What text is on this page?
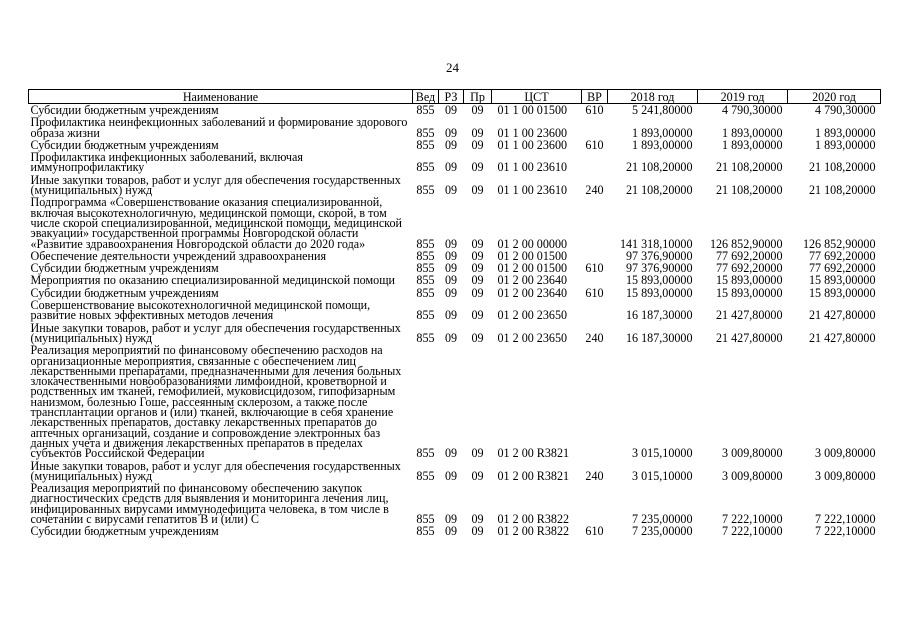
24
Наименование	Вед	РЗ	Пр	ЦСТ	ВР	2018 год	2019 год	2020 год
Субсидии бюджетным учреждениям	855	09	09	01 1 00 01500	610	5 241,80000	4 790,30000	4 790,30000
Профилактика неинфекционных заболеваний и формирование здорового образа жизни	855	09	09	01 1 00 23600		1 893,00000	1 893,00000	1 893,00000
Субсидии бюджетным учреждениям	855	09	09	01 1 00 23600	610	1 893,00000	1 893,00000	1 893,00000
Профилактика инфекционных заболеваний, включая иммунопрофилактику	855	09	09	01 1 00 23610		21 108,20000	21 108,20000	21 108,20000
Иные закупки товаров, работ и услуг для обеспечения государственных (муниципальных) нужд	855	09	09	01 1 00 23610	240	21 108,20000	21 108,20000	21 108,20000
Подпрограмма «Совершенствование оказания специализированной, включая высокотехнологичную, медицинской помощи, скорой, в том числе скорой специализированной, медицинской помощи, медицинской эвакуации» государственной программы Новгородской области «Развитие здравоохранения Новгородской области до 2020 года»	855	09	09	01 2 00 00000		141 318,10000	126 852,90000	126 852,90000
Обеспечение деятельности учреждений здравоохранения	855	09	09	01 2 00 01500		97 376,90000	77 692,20000	77 692,20000
Субсидии бюджетным учреждениям	855	09	09	01 2 00 01500	610	97 376,90000	77 692,20000	77 692,20000
Мероприятия по оказанию специализированной медицинской помощи	855	09	09	01 2 00 23640		15 893,00000	15 893,00000	15 893,00000
Субсидии бюджетным учреждениям	855	09	09	01 2 00 23640	610	15 893,00000	15 893,00000	15 893,00000
Совершенствование высокотехнологичной медицинской помощи, развитие новых эффективных методов лечения	855	09	09	01 2 00 23650		16 187,30000	21 427,80000	21 427,80000
Иные закупки товаров, работ и услуг для обеспечения государственных (муниципальных) нужд	855	09	09	01 2 00 23650	240	16 187,30000	21 427,80000	21 427,80000
Реализация мероприятий по финансовому обеспечению расходов на организационные мероприятия, связанные с обеспечением лиц лекарственными препаратами, предназначенными для лечения больных злокачественными новообразованиями лимфоидной, кроветворной и родственных им тканей, гемофилией, муковисцидозом, гипофизарным нанизмом, болезнью Гоше, рассеянным склерозом, а также после трансплантации органов и (или) тканей, включающие в себя хранение лекарственных препаратов, доставку лекарственных препаратов до аптечных организаций, создание и сопровождение электронных баз данных учета и движения лекарственных препаратов в пределах субъектов Российской Федерации	855	09	09	01 2 00 R3821		3 015,10000	3 009,80000	3 009,80000
Иные закупки товаров, работ и услуг для обеспечения государственных (муниципальных) нужд	855	09	09	01 2 00 R3821	240	3 015,10000	3 009,80000	3 009,80000
Реализация мероприятий по финансовому обеспечению закупок диагностических средств для выявления и мониторинга лечения лиц, инфицированных вирусами иммунодефицита человека, в том числе в сочетании с вирусами гепатитов В и (или) С	855	09	09	01 2 00 R3822		7 235,00000	7 222,10000	7 222,10000
Субсидии бюджетным учреждениям	855	09	09	01 2 00 R3822	610	7 235,00000	7 222,10000	7 222,10000
